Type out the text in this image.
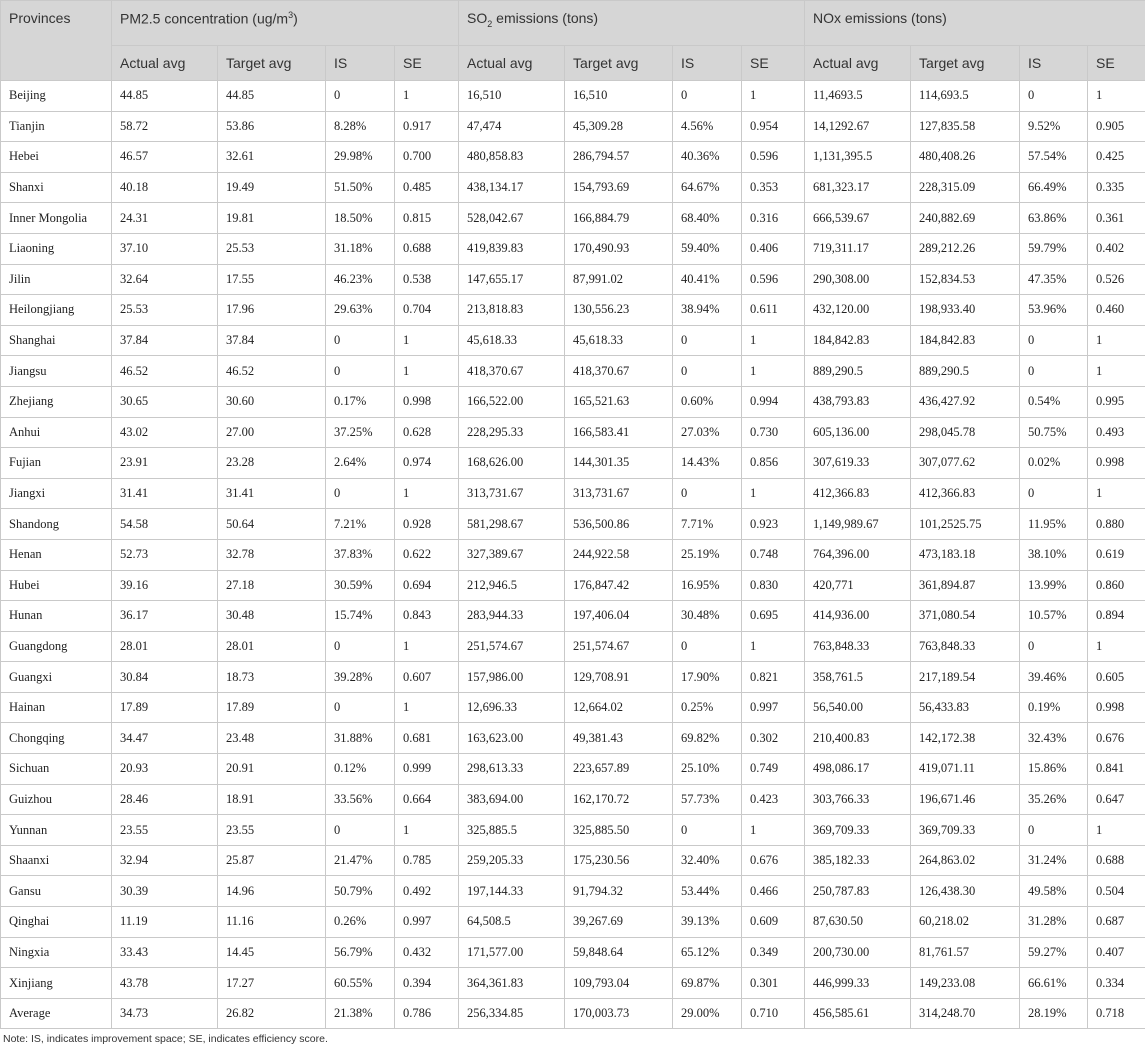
Provinces	PM2.5 concentration $(ug/m^3)$				$SO_2$ emissions (tons)				NOx emissions (tons)			
	Actual avg	Target avg	IS	SE	Actual avg	Target avg	IS	SE	Actual avg	Target avg	IS	SE
Beijing	44.85	44.85	0	1	16,510	16,510	0	1	11,4693.5	114,693.5	0	1
Tianjin	58.72	53.86	8.28%	0.917	47,474	45,309.28	4.56%	0.954	14,1292.67	127,835.58	9.52%	0.905
Hebei	46.57	32.61	29.98%	0.700	480,858.83	286,794.57	40.36%	0.596	1,131,395.5	480,408.26	57.54%	0.425
Shanxi	40.18	19.49	51.50%	0.485	438,134.17	154,793.69	64.67%	0.353	681,323.17	228,315.09	66.49%	0.335
Inner Mongolia	24.31	19.81	18.50%	0.815	528,042.67	166,884.79	68.40%	0.316	666,539.67	240,882.69	63.86%	0.361
Liaoning	37.10	25.53	31.18%	0.688	419,839.83	170,490.93	59.40%	0.406	719,311.17	289,212.26	59.79%	0.402
Jilin	32.64	17.55	46.23%	0.538	147,655.17	87,991.02	40.41%	0.596	290,308.00	152,834.53	47.35%	0.526
Heilongjiang	25.53	17.96	29.63%	0.704	213,818.83	130,556.23	38.94%	0.611	432,120.00	198,933.40	53.96%	0.460
Shanghai	37.84	37.84	0	1	45,618.33	45,618.33	0	1	184,842.83	184,842.83	0	1
Jiangsu	46.52	46.52	0	1	418,370.67	418,370.67	0	1	889,290.5	889,290.5	0	1
Zhejiang	30.65	30.60	0.17%	0.998	166,522.00	165,521.63	0.60%	0.994	438,793.83	436,427.92	0.54%	0.995
Anhui	43.02	27.00	37.25%	0.628	228,295.33	166,583.41	27.03%	0.730	605,136.00	298,045.78	50.75%	0.493
Fujian	23.91	23.28	2.64%	0.974	168,626.00	144,301.35	14.43%	0.856	307,619.33	307,077.62	0.02%	0.998
Jiangxi	31.41	31.41	0	1	313,731.67	313,731.67	0	1	412,366.83	412,366.83	0	1
Shandong	54.58	50.64	7.21%	0.928	581,298.67	536,500.86	7.71%	0.923	1,149,989.67	101,2525.75	11.95%	0.880
Henan	52.73	32.78	37.83%	0.622	327,389.67	244,922.58	25.19%	0.748	764,396.00	473,183.18	38.10%	0.619
Hubei	39.16	27.18	30.59%	0.694	212,946.5	176,847.42	16.95%	0.830	420,771	361,894.87	13.99%	0.860
Hunan	36.17	30.48	15.74%	0.843	283,944.33	197,406.04	30.48%	0.695	414,936.00	371,080.54	10.57%	0.894
Guangdong	28.01	28.01	0	1	251,574.67	251,574.67	0	1	763,848.33	763,848.33	0	1
Guangxi	30.84	18.73	39.28%	0.607	157,986.00	129,708.91	17.90%	0.821	358,761.5	217,189.54	39.46%	0.605
Hainan	17.89	17.89	0	1	12,696.33	12,664.02	0.25%	0.997	56,540.00	56,433.83	0.19%	0.998
Chongqing	34.47	23.48	31.88%	0.681	163,623.00	49,381.43	69.82%	0.302	210,400.83	142,172.38	32.43%	0.676
Sichuan	20.93	20.91	0.12%	0.999	298,613.33	223,657.89	25.10%	0.749	498,086.17	419,071.11	15.86%	0.841
Guizhou	28.46	18.91	33.56%	0.664	383,694.00	162,170.72	57.73%	0.423	303,766.33	196,671.46	35.26%	0.647
Yunnan	23.55	23.55	0	1	325,885.5	325,885.50	0	1	369,709.33	369,709.33	0	1
Shaanxi	32.94	25.87	21.47%	0.785	259,205.33	175,230.56	32.40%	0.676	385,182.33	264,863.02	31.24%	0.688
Gansu	30.39	14.96	50.79%	0.492	197,144.33	91,794.32	53.44%	0.466	250,787.83	126,438.30	49.58%	0.504
Qinghai	11.19	11.16	0.26%	0.997	64,508.5	39,267.69	39.13%	0.609	87,630.50	60,218.02	31.28%	0.687
Ningxia	33.43	14.45	56.79%	0.432	171,577.00	59,848.64	65.12%	0.349	200,730.00	81,761.57	59.27%	0.407
Xinjiang	43.78	17.27	60.55%	0.394	364,361.83	109,793.04	69.87%	0.301	446,999.33	149,233.08	66.61%	0.334
Average	34.73	26.82	21.38%	0.786	256,334.85	170,003.73	29.00%	0.710	456,585.61	314,248.70	28.19%	0.718
Note: IS, indicates improvement space; SE, indicates efficiency score.
